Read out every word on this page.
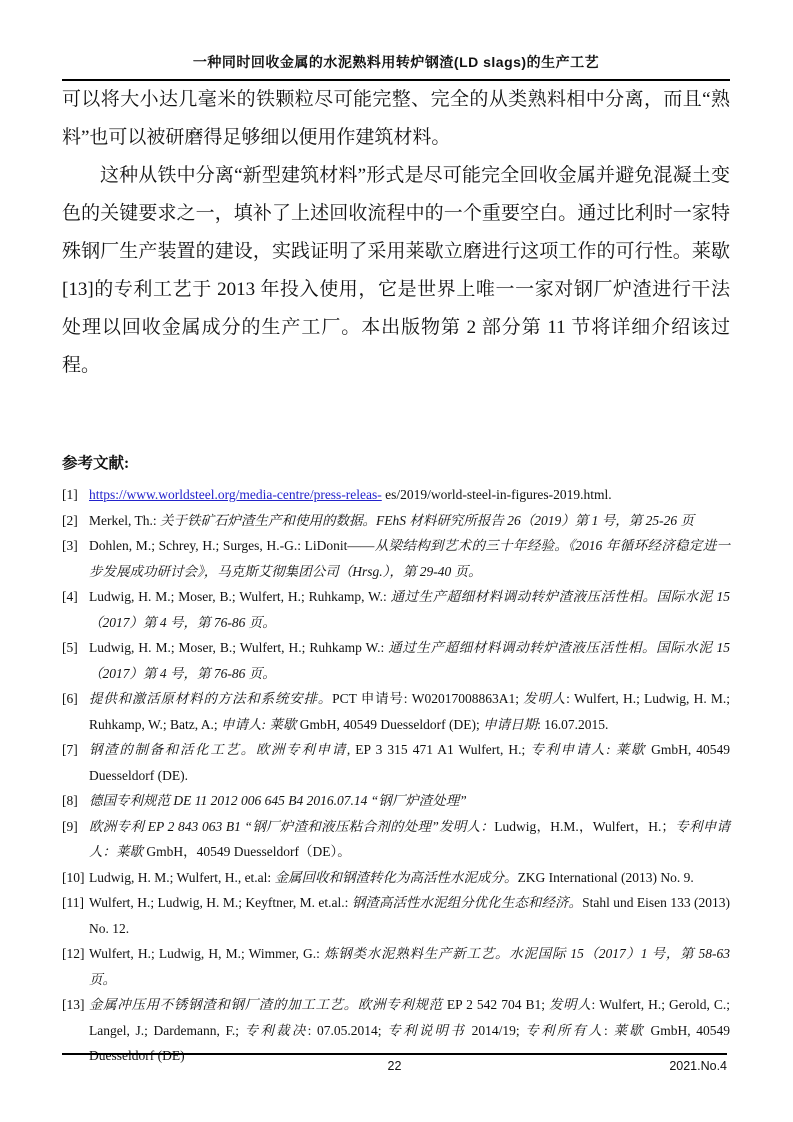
一种同时回收金属的水泥熟料用转炉钢渣(LD slags)的生产工艺

可以将大小达几毫米的铁颗粒尽可能完整、完全的从类熟料相中分离，而且“熟料”也可以被研磨得足够细以便用作建筑材料。

这种从铁中分离“新型建筑材料”形式是尽可能完全回收金属并避免混凝土变色的关键要求之一，填补了上述回收流程中的一个重要空白。通过比利时一家特殊钢厂生产装置的建设，实践证明了采用莱歇立磨进行这项工作的可行性。莱歇[13]的专利工艺于 2013 年投入使用，它是世界上唯一一家对钢厂炉渣进行干法处理以回收金属成分的生产工厂。本出版物第 2 部分第 11 节将详细介绍该过程。

参考文献:
[1] https://www.worldsteel.org/media-centre/press-releas- es/2019/world-steel-in-figures-2019.html.
[2] Merkel, Th.: 关于铁矿石炉渣生产和使用的数据。FEhS 材料研究所报告 26（2019）第 1 号，第 25-26 页
[3] Dohlen, M.; Schrey, H.; Surges, H.-G.: LiDonit——从梁结构到艺术的三十年经验。《2016 年循环经济稳定进一步发展成功研讨会》，马克斯艾彻集团公司（Hrsg.），第 29-40 页。
[4] Ludwig, H. M.; Moser, B.; Wulfert, H.; Ruhkamp, W.: 通过生产超细材料调动转炉渣液压活性相。国际水泥 15（2017）第 4 号，第 76-86 页。
[5] Ludwig, H. M.; Moser, B.; Wulfert, H.; Ruhkamp W.: 通过生产超细材料调动转炉渣液压活性相。国际水泥 15（2017）第 4 号，第 76-86 页。
[6] 提供和激活原材料的方法和系统安排。PCT 申请号: W02017008863A1; 发明人: Wulfert, H.; Ludwig, H. M.; Ruhkamp, W.; Batz, A.; 申请人: 莱歇 GmbH, 40549 Duesseldorf (DE); 申请日期: 16.07.2015.
[7] 钢渣的制备和活化工艺。欧洲专利申请, EP 3 315 471 A1 Wulfert, H.; 专利申请人: 莱歇 GmbH, 40549 Duesseldorf (DE).
[8] 德国专利规范 DE 11 2012 006 645 B4 2016.07.14 “钢厂炉渣处理”
[9] 欧洲专利 EP 2 843 063 B1 “钢厂炉渣和液压粘合剂的处理”发明人：Ludwig，H.M.，Wulfert，H.；专利申请人：莱歇 GmbH，40549 Duesseldorf（DE）。
[10] Ludwig, H. M.; Wulfert, H., et.al: 金属回收和钢渣转化为高活性水泥成分。ZKG International (2013) No. 9.
[11] Wulfert, H.; Ludwig, H. M.; Keyftner, M. et.al.: 钢渣高活性水泥组分优化生态和经济。Stahl und Eisen 133 (2013) No. 12.
[12] Wulfert, H.; Ludwig, H, M.; Wimmer, G.: 炼钢类水泥熟料生产新工艺。水泥国际 15（2017）1 号，第 58-63 页。
[13] 金属冲压用不锈钢渣和钢厂渣的加工工艺。欧洲专利规范 EP 2 542 704 B1; 发明人: Wulfert, H.; Gerold, C.; Langel, J.; Dardemann, F.; 专利裁决: 07.05.2014; 专利说明书 2014/19; 专利所有人: 莱歇 GmbH, 40549 Duesseldorf (DE)
22	2021.No.4
